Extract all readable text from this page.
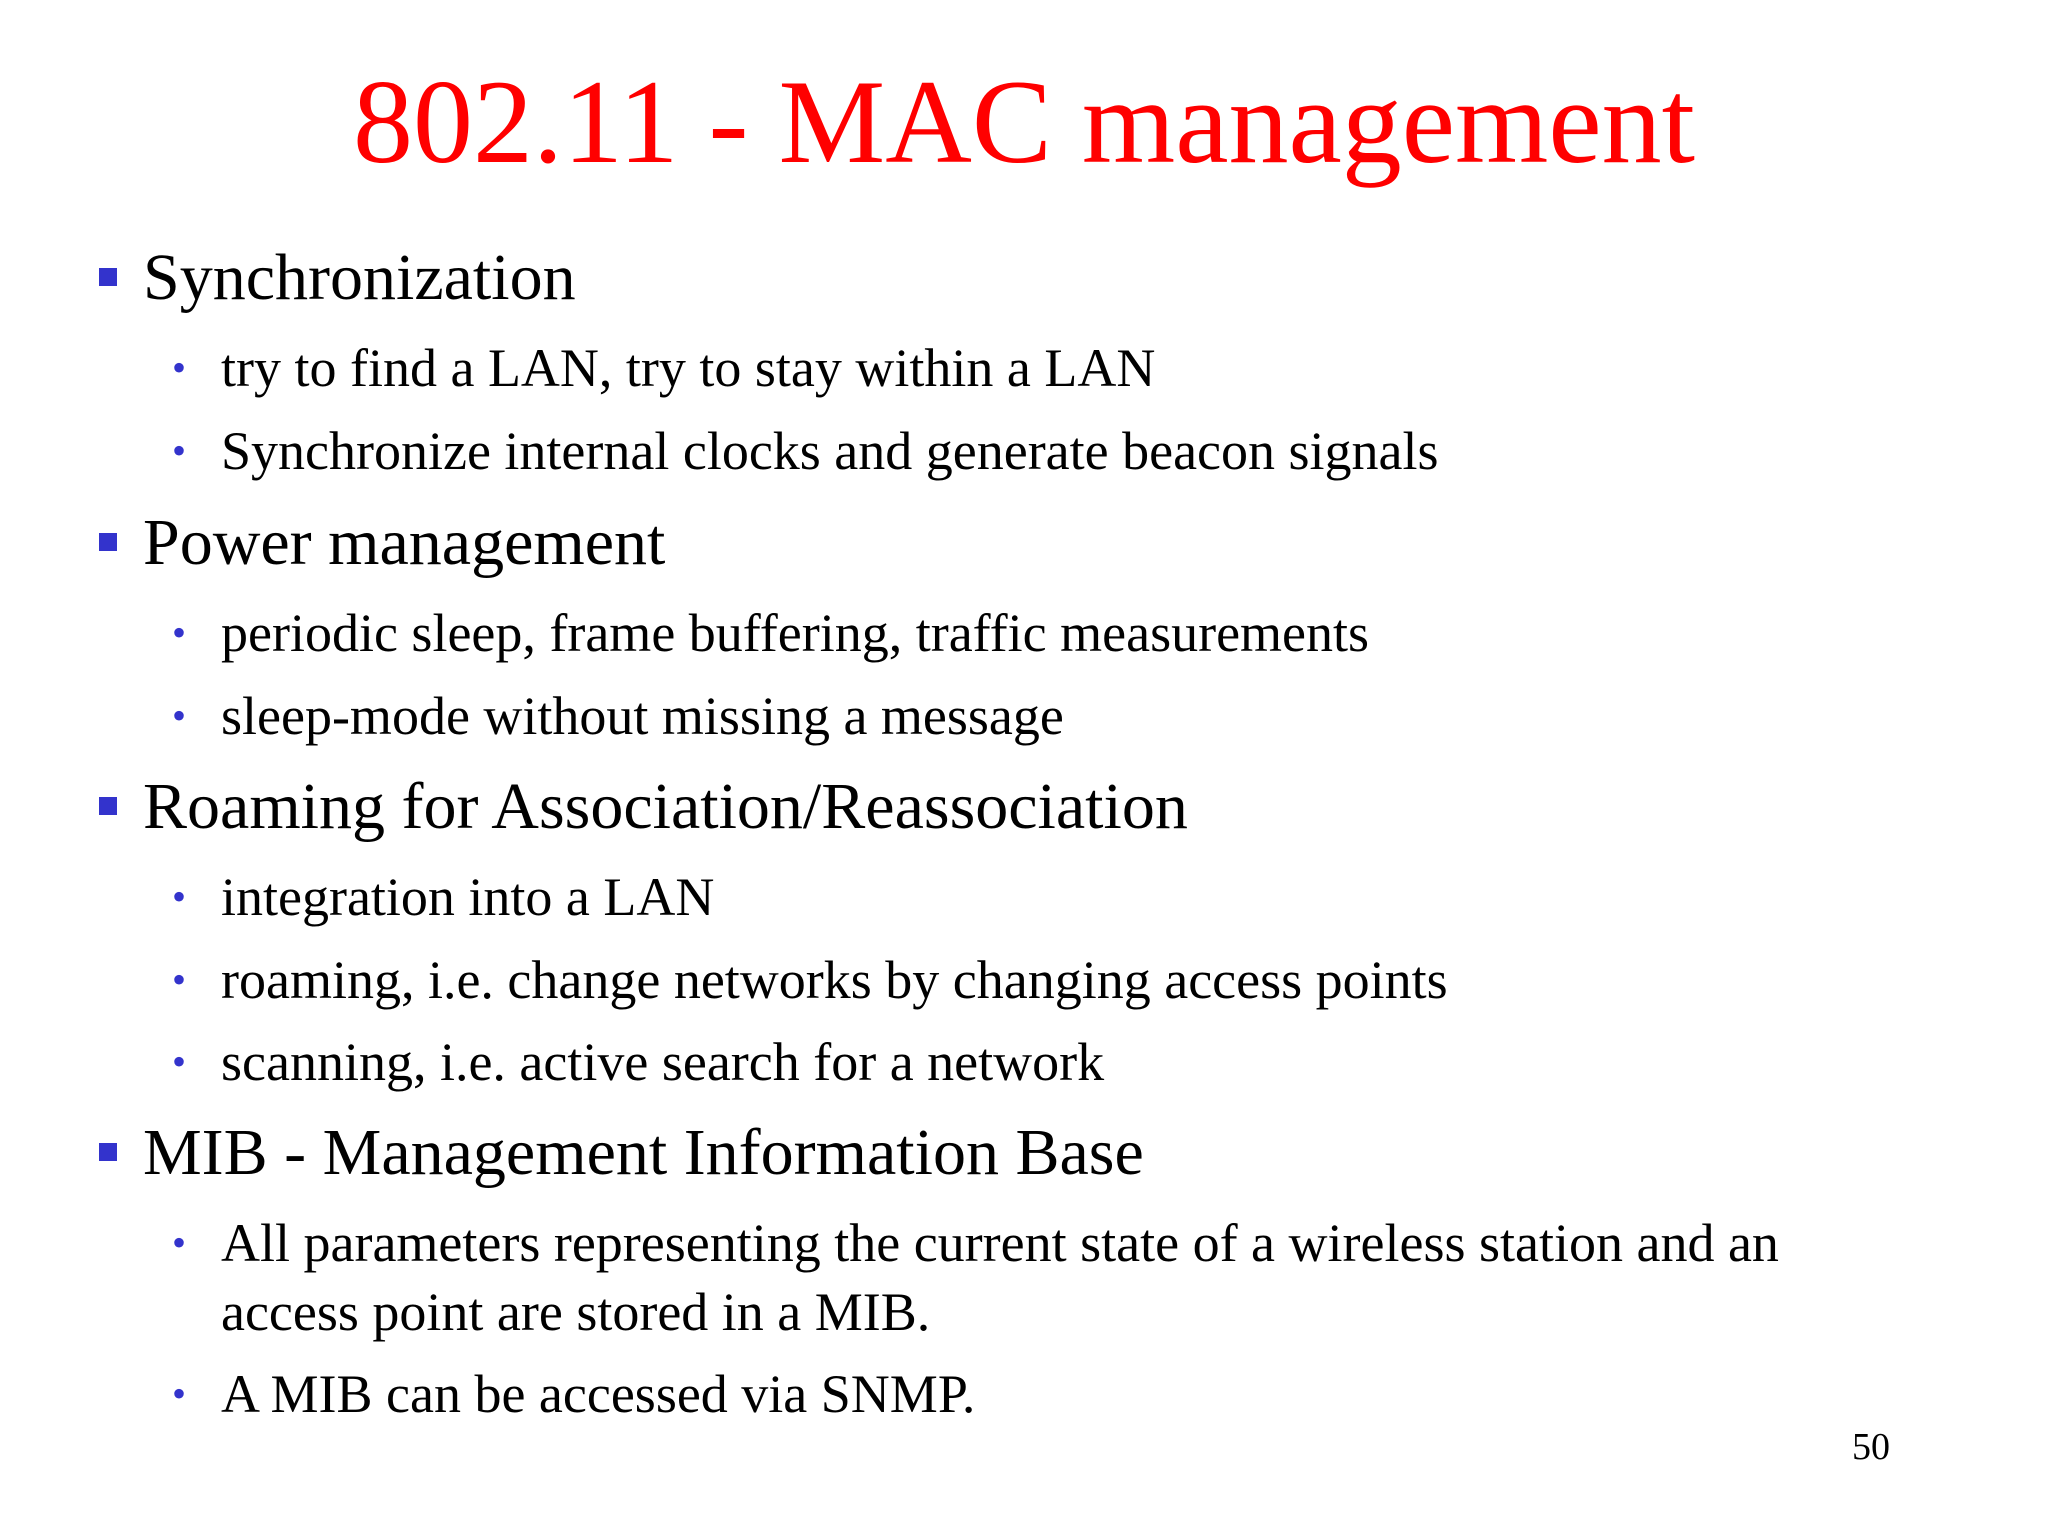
802.11 - MAC management
Synchronization
• try to find a LAN, try to stay within a LAN
• Synchronize internal clocks and generate beacon signals
Power management
• periodic sleep, frame buffering, traffic measurements
• sleep-mode without missing a message
Roaming for Association/Reassociation
• integration into a LAN
• roaming, i.e. change networks by changing access points
• scanning, i.e. active search for a network
MIB - Management Information Base
• All parameters representing the current state of a wireless station and an
access point are stored in a MIB.
• A MIB can be accessed via SNMP.
50
